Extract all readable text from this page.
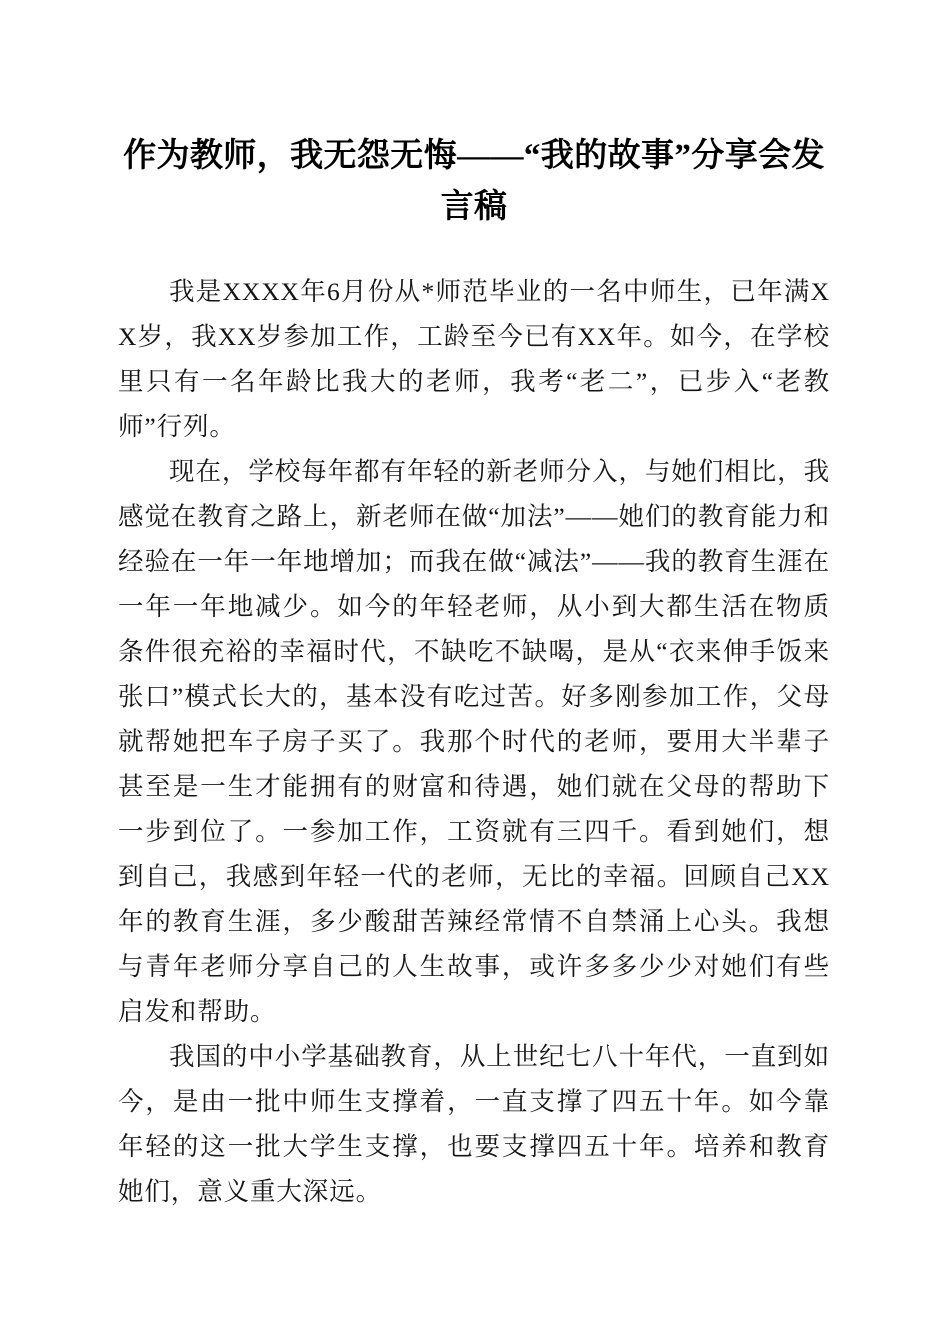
作为教师，我无怨无悔——“我的故事”分享会发言稿

我是XXXX年6月份从*师范毕业的一名中师生，已年满XX岁，我XX岁参加工作，工龄至今已有XX年。如今，在学校里只有一名年龄比我大的老师，我考“老二”，已步入“老教师”行列。

现在，学校每年都有年轻的新老师分入，与她们相比，我感觉在教育之路上，新老师在做“加法”——她们的教育能力和经验在一年一年地增加；而我在做“减法”——我的教育生涯在一年一年地减少。如今的年轻老师，从小到大都生活在物质条件很充裕的幸福时代，不缺吃不缺喝，是从“衣来伸手饭来张口”模式长大的，基本没有吃过苦。好多刚参加工作，父母就帮她把车子房子买了。我那个时代的老师，要用大半辈子甚至是一生才能拥有的财富和待遇，她们就在父母的帮助下一步到位了。一参加工作，工资就有三四千。看到她们，想到自己，我感到年轻一代的老师，无比的幸福。回顾自己XX年的教育生涯，多少酸甜苦辣经常情不自禁涌上心头。我想与青年老师分享自己的人生故事，或许多多少少对她们有些启发和帮助。

我国的中小学基础教育，从上世纪七八十年代，一直到如今，是由一批中师生支撑着，一直支撑了四五十年。如今靠年轻的这一批大学生支撑，也要支撑四五十年。培养和教育她们，意义重大深远。
